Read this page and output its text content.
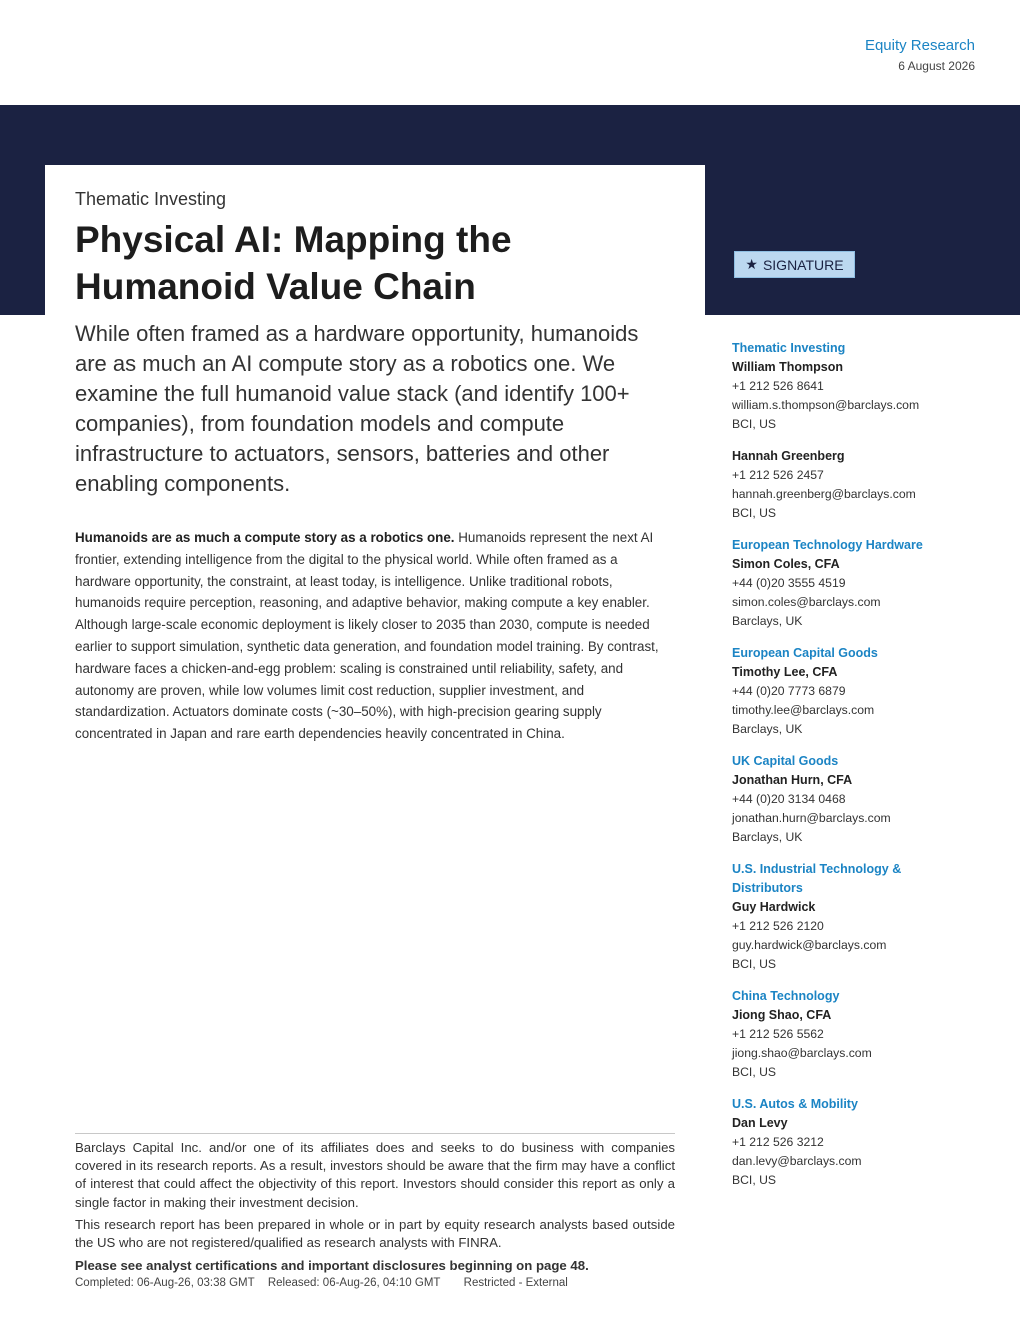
Equity Research
6 August 2026
Thematic Investing
Physical AI: Mapping the Humanoid Value Chain
★ SIGNATURE

While often framed as a hardware opportunity, humanoids are as much an AI compute story as a robotics one. We examine the full humanoid value stack (and identify 100+ companies), from foundation models and compute infrastructure to actuators, sensors, batteries and other enabling components.

Humanoids are as much a compute story as a robotics one. Humanoids represent the next AI frontier, extending intelligence from the digital to the physical world. While often framed as a hardware opportunity, the constraint, at least today, is intelligence. Unlike traditional robots, humanoids require perception, reasoning, and adaptive behavior, making compute a key enabler. Although large-scale economic deployment is likely closer to 2035 than 2030, compute is needed earlier to support simulation, synthetic data generation, and foundation model training. By contrast, hardware faces a chicken-and-egg problem: scaling is constrained until reliability, safety, and autonomy are proven, while low volumes limit cost reduction, supplier investment, and standardization. Actuators dominate costs (~30–50%), with high-precision gearing supply concentrated in Japan and rare earth dependencies heavily concentrated in China.

Thematic Investing
William Thompson
+1 212 526 8641
william.s.thompson@barclays.com
BCI, US
Hannah Greenberg
+1 212 526 2457
hannah.greenberg@barclays.com
BCI, US
European Technology Hardware
Simon Coles, CFA
+44 (0)20 3555 4519
simon.coles@barclays.com
Barclays, UK
European Capital Goods
Timothy Lee, CFA
+44 (0)20 7773 6879
timothy.lee@barclays.com
Barclays, UK
UK Capital Goods
Jonathan Hurn, CFA
+44 (0)20 3134 0468
jonathan.hurn@barclays.com
Barclays, UK
U.S. Industrial Technology & Distributors
Guy Hardwick
+1 212 526 2120
guy.hardwick@barclays.com
BCI, US
China Technology
Jiong Shao, CFA
+1 212 526 5562
jiong.shao@barclays.com
BCI, US
U.S. Autos & Mobility
Dan Levy
+1 212 526 3212
dan.levy@barclays.com
BCI, US

Barclays Capital Inc. and/or one of its affiliates does and seeks to do business with companies covered in its research reports. As a result, investors should be aware that the firm may have a conflict of interest that could affect the objectivity of this report. Investors should consider this report as only a single factor in making their investment decision.

This research report has been prepared in whole or in part by equity research analysts based outside the US who are not registered/qualified as research analysts with FINRA.

Please see analyst certifications and important disclosures beginning on page 48.

Completed: 06-Aug-26, 03:38 GMT Released: 06-Aug-26, 04:10 GMT Restricted - External
